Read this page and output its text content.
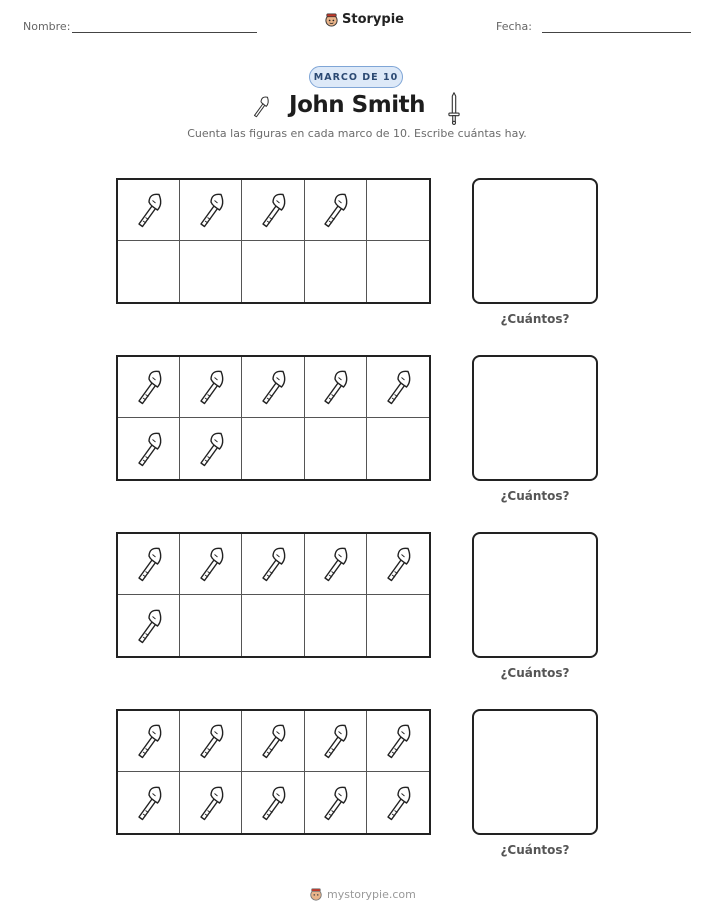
Nombre:	Storypie	Fecha:
MARCO DE 10
John Smith
Cuenta las figuras en cada marco de 10. Escribe cuántas hay.
¿Cuántos?
¿Cuántos?
¿Cuántos?
¿Cuántos?
mystorypie.com
